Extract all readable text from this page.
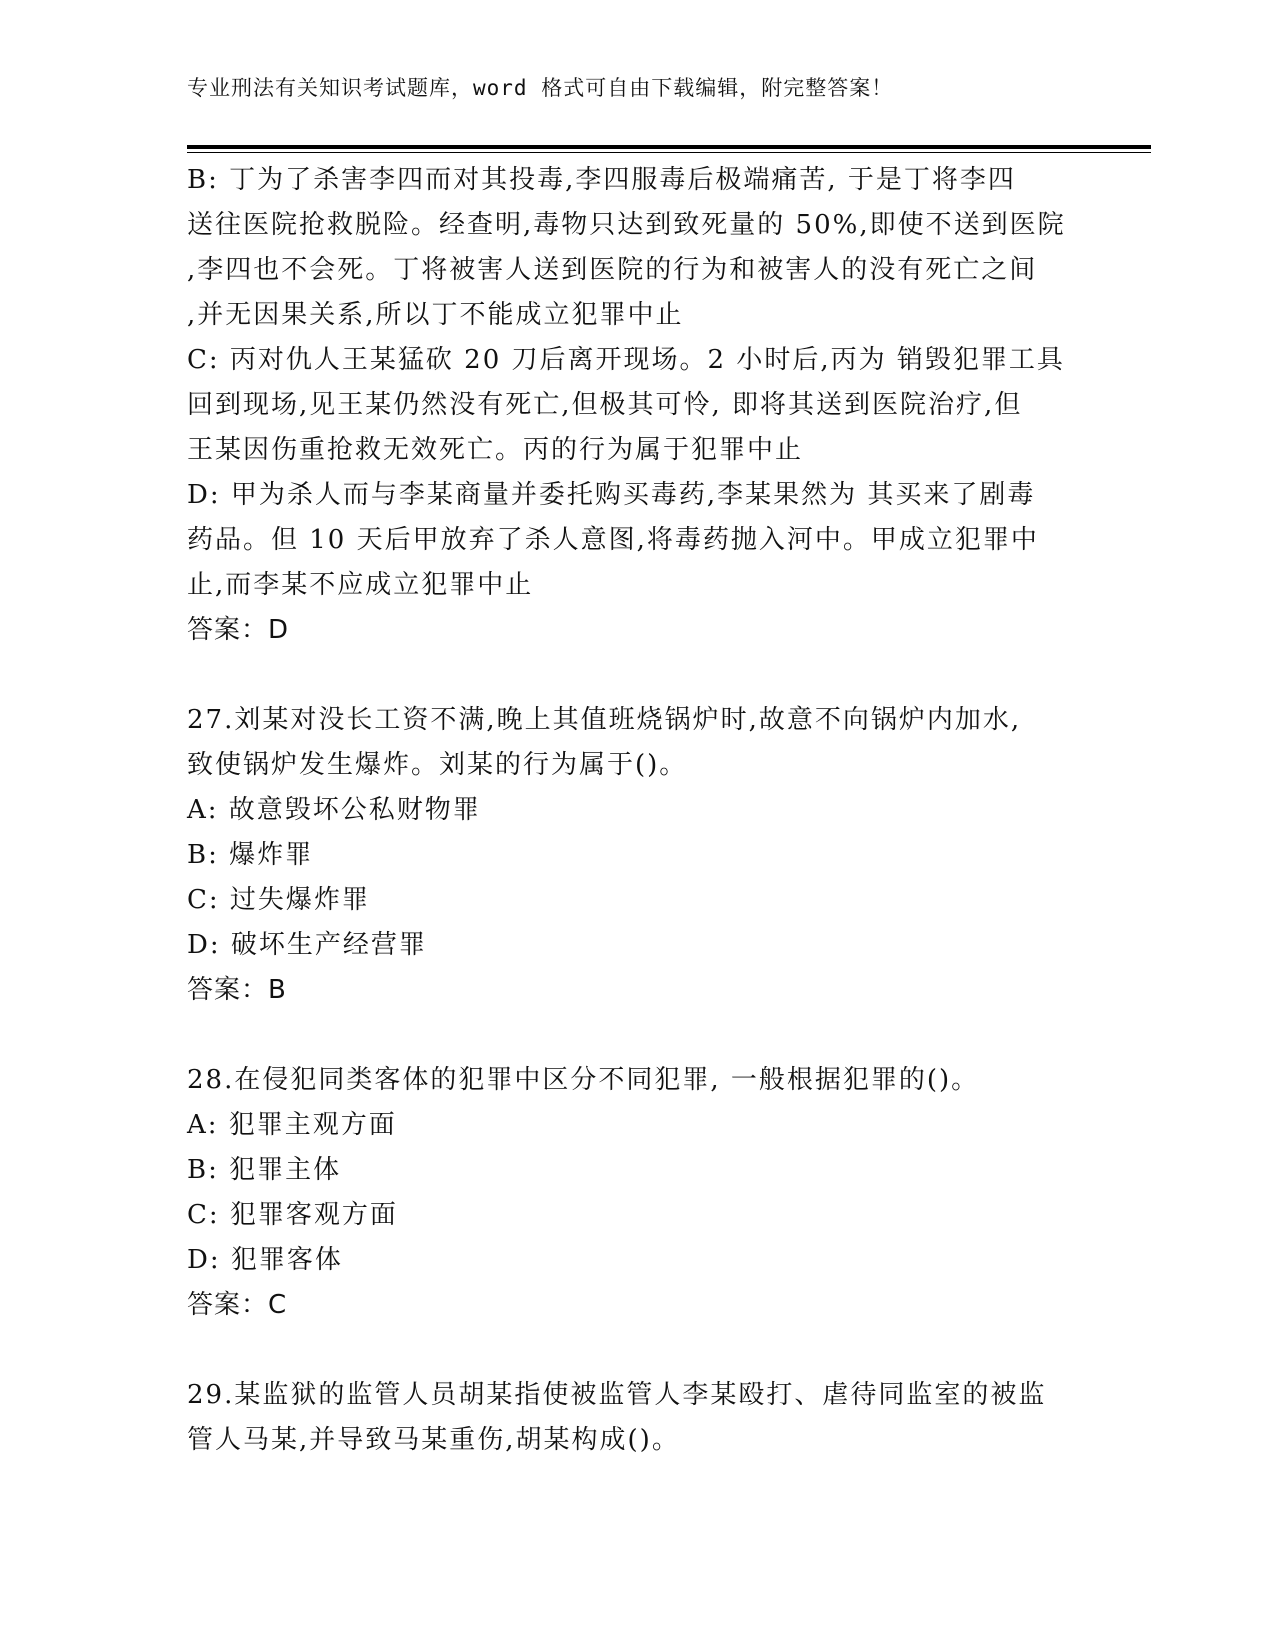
专业刑法有关知识考试题库，word 格式可自由下载编辑，附完整答案！
B: 丁为了杀害李四而对其投毒,李四服毒后极端痛苦, 于是丁将李四
送往医院抢救脱险。经查明,毒物只达到致死量的 50%,即使不送到医院
,李四也不会死。丁将被害人送到医院的行为和被害人的没有死亡之间
,并无因果关系,所以丁不能成立犯罪中止
C: 丙对仇人王某猛砍 20 刀后离开现场。2 小时后,丙为 销毁犯罪工具
回到现场,见王某仍然没有死亡,但极其可怜, 即将其送到医院治疗,但
王某因伤重抢救无效死亡。丙的行为属于犯罪中止
D: 甲为杀人而与李某商量并委托购买毒药,李某果然为 其买来了剧毒
药品。但 10 天后甲放弃了杀人意图,将毒药抛入河中。甲成立犯罪中
止,而李某不应成立犯罪中止
答案：D
27.刘某对没长工资不满,晚上其值班烧锅炉时,故意不向锅炉内加水,
致使锅炉发生爆炸。刘某的行为属于()。
A: 故意毁坏公私财物罪
B: 爆炸罪
C: 过失爆炸罪
D: 破坏生产经营罪
答案：B
28.在侵犯同类客体的犯罪中区分不同犯罪, 一般根据犯罪的()。
A: 犯罪主观方面
B: 犯罪主体
C: 犯罪客观方面
D: 犯罪客体
答案：C
29.某监狱的监管人员胡某指使被监管人李某殴打、虐待同监室的被监
管人马某,并导致马某重伤,胡某构成()。
